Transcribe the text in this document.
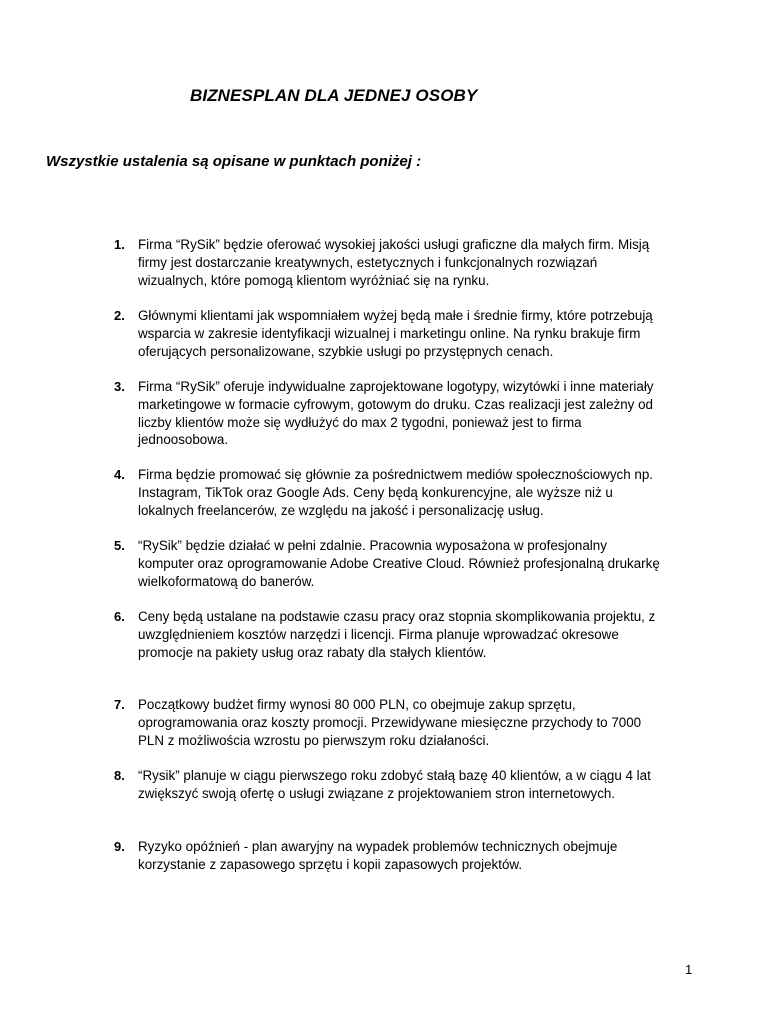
BIZNESPLAN DLA JEDNEJ OSOBY
Wszystkie ustalenia są opisane w punktach poniżej :
1. Firma “RySik” będzie oferować wysokiej jakości usługi graficzne dla małych firm. Misją
firmy jest dostarczanie kreatywnych, estetycznych i funkcjonalnych rozwiązań
wizualnych, które pomogą klientom wyróżniać się na rynku.
2. Głównymi klientami jak wspomniałem wyżej będą małe i średnie firmy, które potrzebują
wsparcia w zakresie identyfikacji wizualnej i marketingu online. Na rynku brakuje firm
oferujących personalizowane, szybkie usługi po przystępnych cenach.
3. Firma “RySik” oferuje indywidualne zaprojektowane logotypy, wizytówki i inne materiały
marketingowe w formacie cyfrowym, gotowym do druku. Czas realizacji jest zależny od
liczby klientów może się wydłużyć do max 2 tygodni, ponieważ jest to firma
jednoosobowa.
4. Firma będzie promować się głównie za pośrednictwem mediów społecznościowych np.
Instagram, TikTok oraz Google Ads. Ceny będą konkurencyjne, ale wyższe niż u
lokalnych freelancerów, ze względu na jakość i personalizację usług.
5. “RySik” będzie działać w pełni zdalnie. Pracownia wyposażona w profesjonalny
komputer oraz oprogramowanie Adobe Creative Cloud. Również profesjonalną drukarkę
wielkoformatową do banerów.
6. Ceny będą ustalane na podstawie czasu pracy oraz stopnia skomplikowania projektu, z
uwzględnieniem kosztów narzędzi i licencji. Firma planuje wprowadzać okresowe
promocje na pakiety usług oraz rabaty dla stałych klientów.
7. Początkowy budżet firmy wynosi 80 000 PLN, co obejmuje zakup sprzętu,
oprogramowania oraz koszty promocji. Przewidywane miesięczne przychody to 7000
PLN z możliwościa wzrostu po pierwszym roku działaności.
8. “Rysik” planuje w ciągu pierwszego roku zdobyć stałą bazę 40 klientów, a w ciągu 4 lat
zwiększyć swoją ofertę o usługi związane z projektowaniem stron internetowych.
9. Ryzyko opóźnień - plan awaryjny na wypadek problemów technicznych obejmuje
korzystanie z zapasowego sprzętu i kopii zapasowych projektów.
1
